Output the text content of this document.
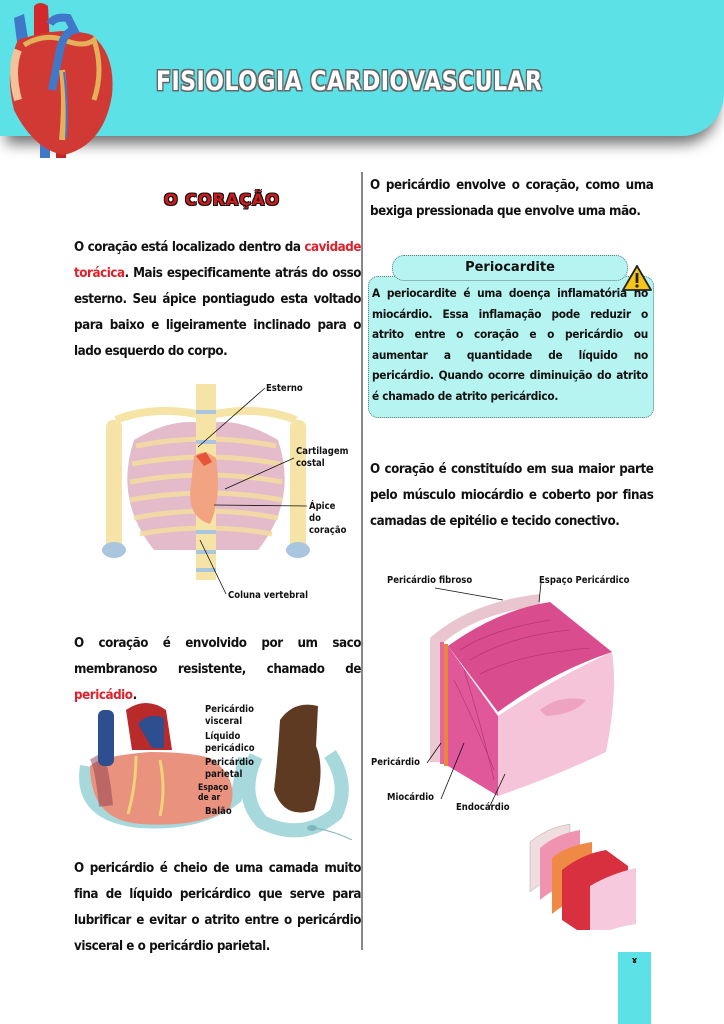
FISIOLOGIA CARDIOVASCULAR
O CORAÇÃO
O coração está localizado dentro da cavidade torácica. Mais especificamente atrás do osso esterno. Seu ápice pontiagudo esta voltado para baixo e ligeiramente inclinado para o lado esquerdo do corpo.
Esterno
Cartilagem costal
Ápice do coração
Coluna vertebral
O coração é envolvido por um saco membranoso resistente, chamado de pericádio.
Pericárdio visceral
Líquido pericádico
Pericárdio parietal
Espaço de ar
Balão
O pericárdio é cheio de uma camada muito fina de líquido pericárdico que serve para lubrificar e evitar o atrito entre o pericárdio visceral e o pericárdio parietal.
O pericárdio envolve o coração, como uma bexiga pressionada que envolve uma mão.
Periocardite
A periocardite é uma doença inflamatória no miocárdio. Essa inflamação pode reduzir o atrito entre o coração e o pericárdio ou aumentar a quantidade de líquido no pericárdio. Quando ocorre diminuição do atrito é chamado de atrito pericárdico.
O coração é constituído em sua maior parte pelo músculo miocárdio e coberto por finas camadas de epitélio e tecido conectivo.
Pericárdio fibroso	Espaço Pericárdico
Pericárdio
Miocárdio
Endocárdio
ɤ
